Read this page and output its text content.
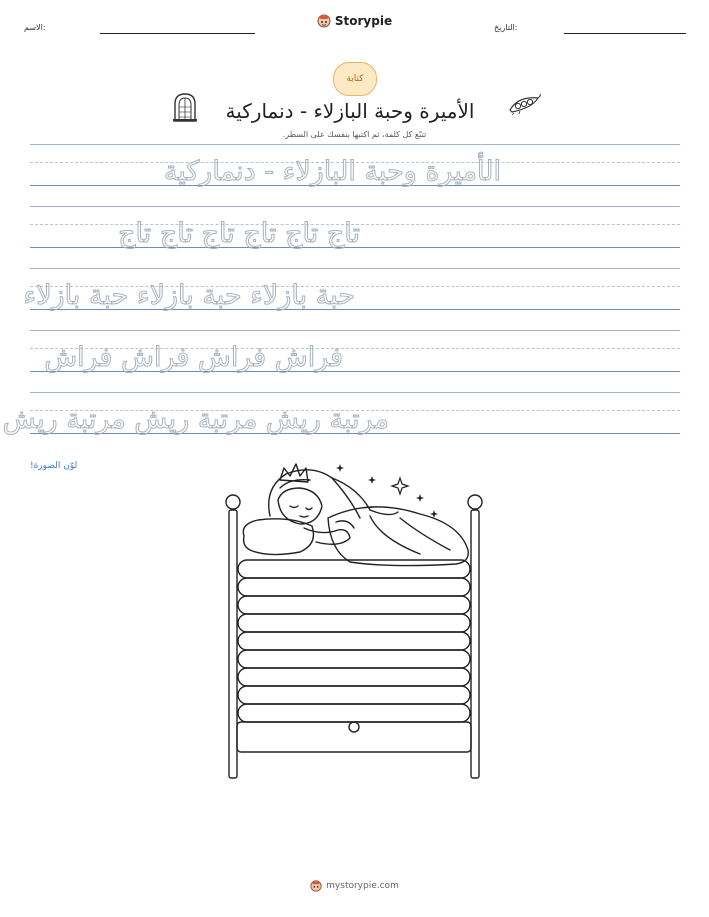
الاسم:	Storypie	التاريخ:
كتابة
الأميرة وحبة البازلاء - دنماركية
تتبّع كل كلمة، ثم اكتبها بنفسك على السطر.
الأميرة وحبة البازلاء - دنماركية
تاج تاج تاج تاج تاج تاج
حبة بازلاء حبة بازلاء حبة بازلاء
فراش فراش فراش فراش
مرتبة ريش مرتبة ريش مرتبة ريش
لوّن الصورة!
mystorypie.com
